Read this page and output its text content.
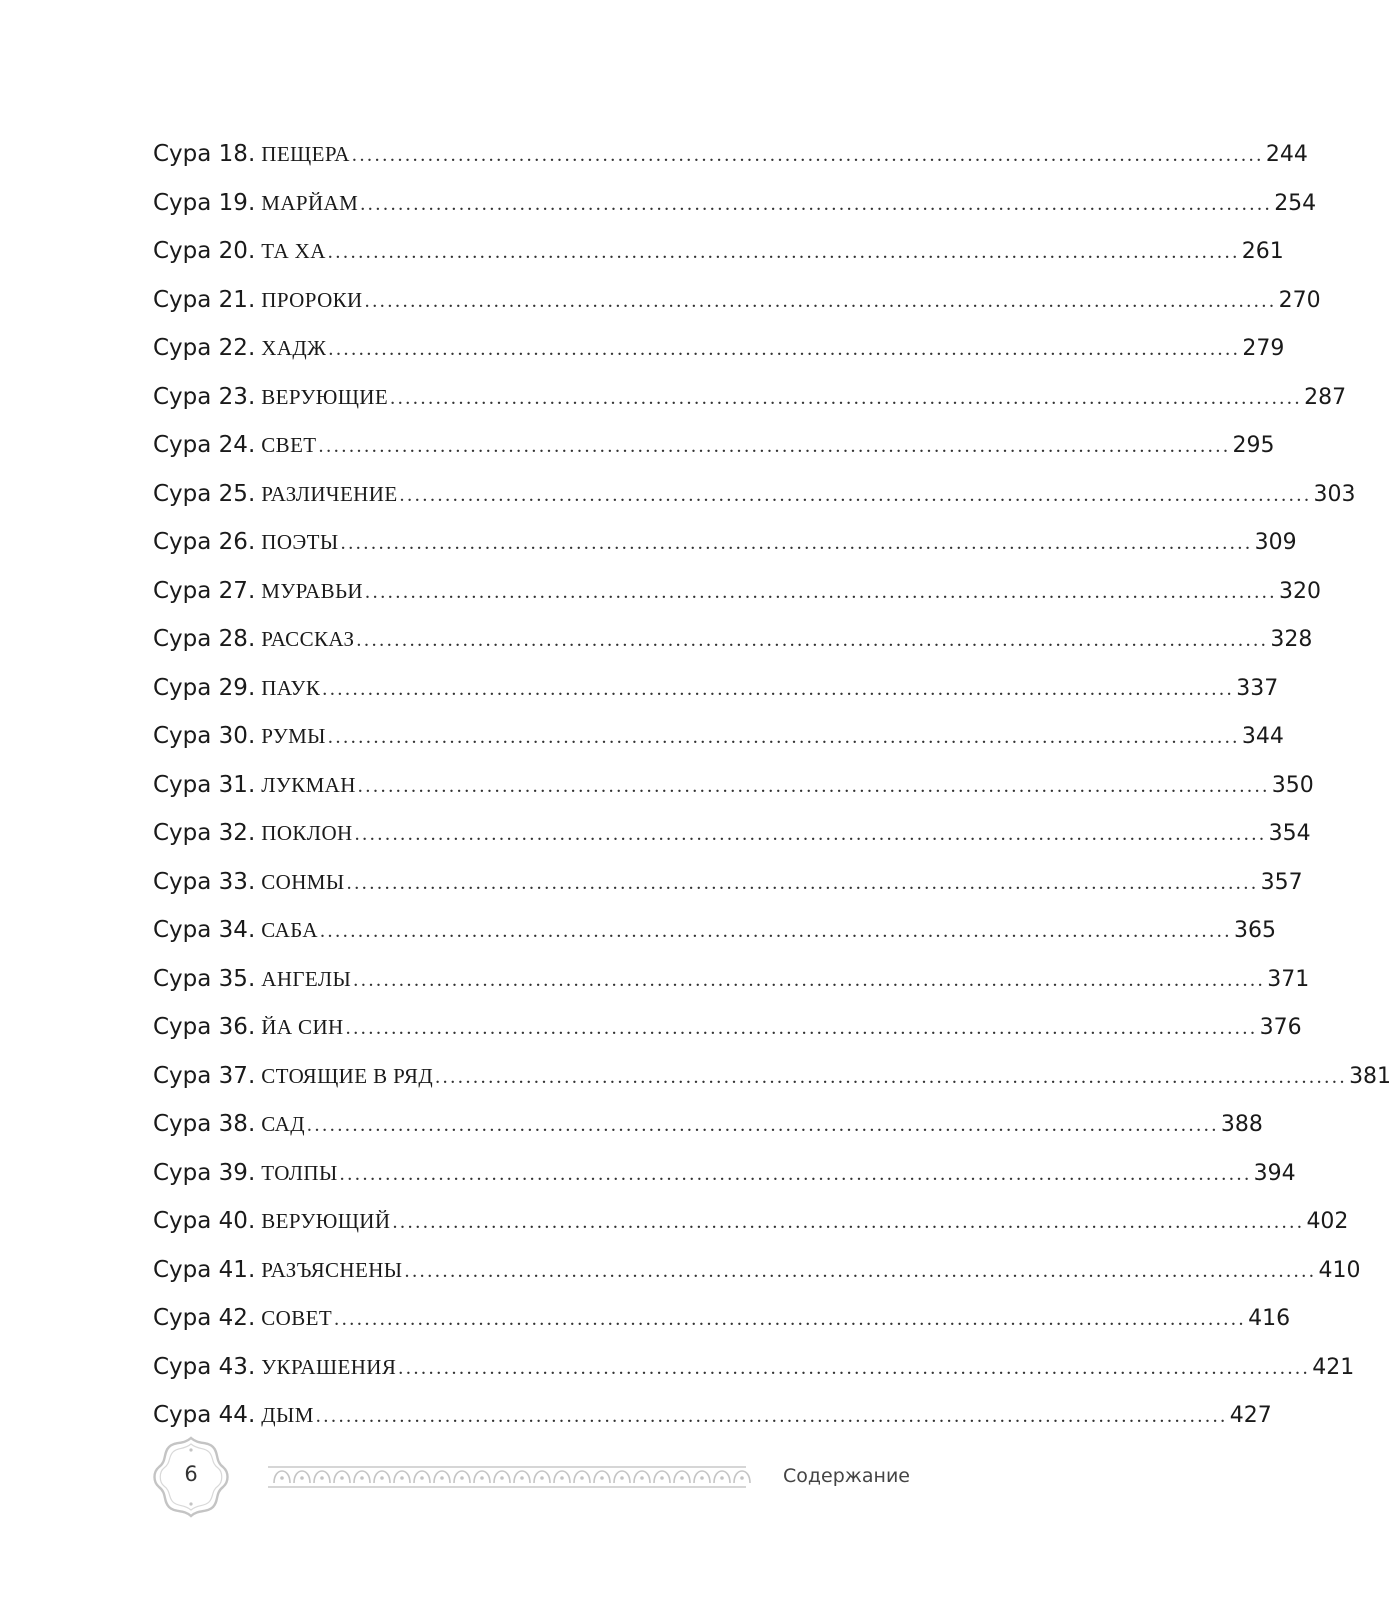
Сура 18. ПЕЩЕРА ........................................................................................................................ 244
Сура 19. МАРЙАМ ........................................................................................................................ 254
Сура 20. ТА ХА ........................................................................................................................ 261
Сура 21. ПРОРОКИ ........................................................................................................................ 270
Сура 22. ХАДЖ ........................................................................................................................ 279
Сура 23. ВЕРУЮЩИЕ ........................................................................................................................ 287
Сура 24. СВЕТ ........................................................................................................................ 295
Сура 25. РАЗЛИЧЕНИЕ ........................................................................................................................ 303
Сура 26. ПОЭТЫ ........................................................................................................................ 309
Сура 27. МУРАВЬИ ........................................................................................................................ 320
Сура 28. РАССКАЗ ........................................................................................................................ 328
Сура 29. ПАУК ........................................................................................................................ 337
Сура 30. РУМЫ ........................................................................................................................ 344
Сура 31. ЛУКМАН ........................................................................................................................ 350
Сура 32. ПОКЛОН ........................................................................................................................ 354
Сура 33. СОНМЫ ........................................................................................................................ 357
Сура 34. САБА ........................................................................................................................ 365
Сура 35. АНГЕЛЫ ........................................................................................................................ 371
Сура 36. ЙА СИН ........................................................................................................................ 376
Сура 37. СТОЯЩИЕ В РЯД ........................................................................................................................ 381
Сура 38. САД ........................................................................................................................ 388
Сура 39. ТОЛПЫ ........................................................................................................................ 394
Сура 40. ВЕРУЮЩИЙ ........................................................................................................................ 402
Сура 41. РАЗЪЯСНЕНЫ ........................................................................................................................ 410
Сура 42. СОВЕТ ........................................................................................................................ 416
Сура 43. УКРАШЕНИЯ ........................................................................................................................ 421
Сура 44. ДЫМ ........................................................................................................................ 427
6	Содержание
